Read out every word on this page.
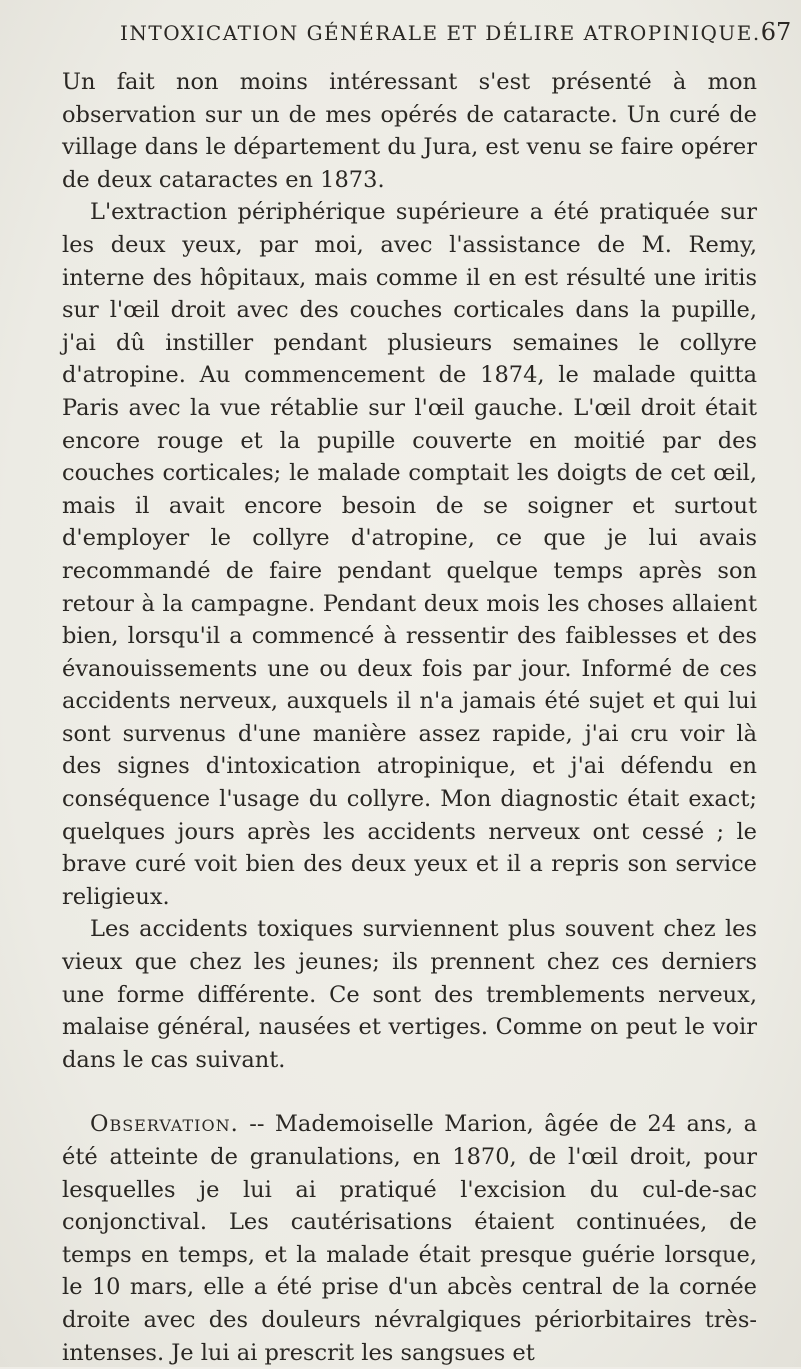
INTOXICATION GÉNÉRALE ET DÉLIRE ATROPINIQUE. 67

Un fait non moins intéressant s'est présenté à mon observation sur un de mes opérés de cataracte. Un curé de village dans le département du Jura, est venu se faire opérer de deux cataractes en 1873.

L'extraction périphérique supérieure a été pratiquée sur les deux yeux, par moi, avec l'assistance de M. Remy, interne des hôpitaux, mais comme il en est résulté une iritis sur l'œil droit avec des couches corticales dans la pupille, j'ai dû instiller pendant plusieurs semaines le collyre d'atropine. Au commencement de 1874, le malade quitta Paris avec la vue rétablie sur l'œil gauche. L'œil droit était encore rouge et la pupille couverte en moitié par des couches corticales; le malade comptait les doigts de cet œil, mais il avait encore besoin de se soigner et surtout d'employer le collyre d'atropine, ce que je lui avais recommandé de faire pendant quelque temps après son retour à la campagne. Pendant deux mois les choses allaient bien, lorsqu'il a commencé à ressentir des faiblesses et des évanouissements une ou deux fois par jour. Informé de ces accidents nerveux, auxquels il n'a jamais été sujet et qui lui sont survenus d'une manière assez rapide, j'ai cru voir là des signes d'intoxication atropinique, et j'ai défendu en conséquence l'usage du collyre. Mon diagnostic était exact; quelques jours après les accidents nerveux ont cessé ; le brave curé voit bien des deux yeux et il a repris son service religieux.

Les accidents toxiques surviennent plus souvent chez les vieux que chez les jeunes; ils prennent chez ces derniers une forme différente. Ce sont des tremblements nerveux, malaise général, nausées et vertiges. Comme on peut le voir dans le cas suivant.

Observation. -- Mademoiselle Marion, âgée de 24 ans, a été atteinte de granulations, en 1870, de l'œil droit, pour lesquelles je lui ai pratiqué l'excision du cul-de-sac conjonctival. Les cautérisations étaient continuées, de temps en temps, et la malade était presque guérie lorsque, le 10 mars, elle a été prise d'un abcès central de la cornée droite avec des douleurs névralgiques périorbitaires très-intenses. Je lui ai prescrit les sangsues et
